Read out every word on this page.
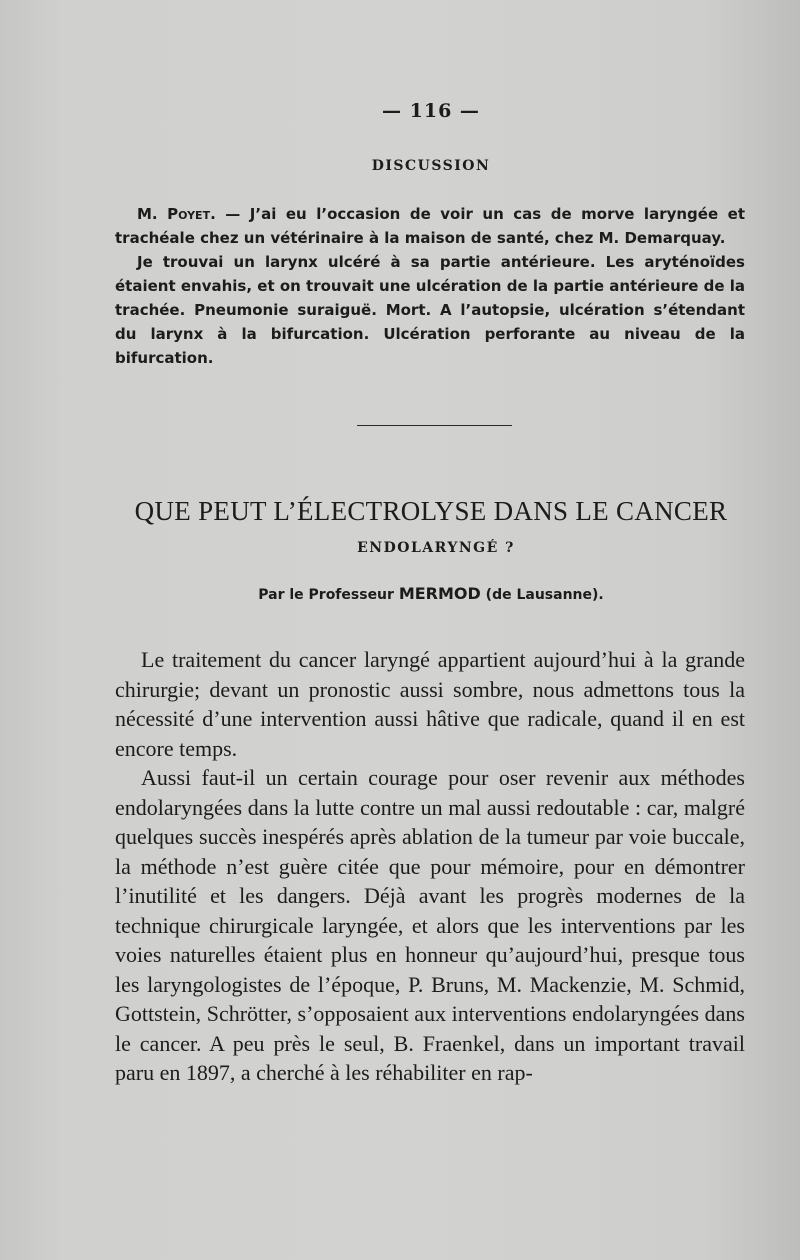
— 116 —
DISCUSSION

M. Poyet. — J’ai eu l’occasion de voir un cas de morve laryngée et trachéale chez un vétérinaire à la maison de santé, chez M. Demarquay.

Je trouvai un larynx ulcéré à sa partie antérieure. Les aryténoïdes étaient envahis, et on trouvait une ulcération de la partie antérieure de la trachée. Pneumonie suraiguë. Mort. A l’autopsie, ulcération s’étendant du larynx à la bifurcation. Ulcération perforante au niveau de la bifurcation.

QUE PEUT L’ÉLECTROLYSE DANS LE CANCER
ENDOLARYNGÉ ?
Par le Professeur MERMOD (de Lausanne).

Le traitement du cancer laryngé appartient aujourd’hui à la grande chirurgie; devant un pronostic aussi sombre, nous admettons tous la nécessité d’une intervention aussi hâtive que radicale, quand il en est encore temps.

Aussi faut-il un certain courage pour oser revenir aux méthodes endolaryngées dans la lutte contre un mal aussi redoutable : car, malgré quelques succès inespérés après ablation de la tumeur par voie buccale, la méthode n’est guère citée que pour mémoire, pour en démontrer l’inutilité et les dangers. Déjà avant les progrès modernes de la technique chirurgicale laryngée, et alors que les interventions par les voies naturelles étaient plus en honneur qu’aujourd’hui, presque tous les laryngologistes de l’époque, P. Bruns, M. Mackenzie, M. Schmid, Gottstein, Schrötter, s’opposaient aux interventions endolaryngées dans le cancer. A peu près le seul, B. Fraenkel, dans un important travail paru en 1897, a cherché à les réhabiliter en rap-
